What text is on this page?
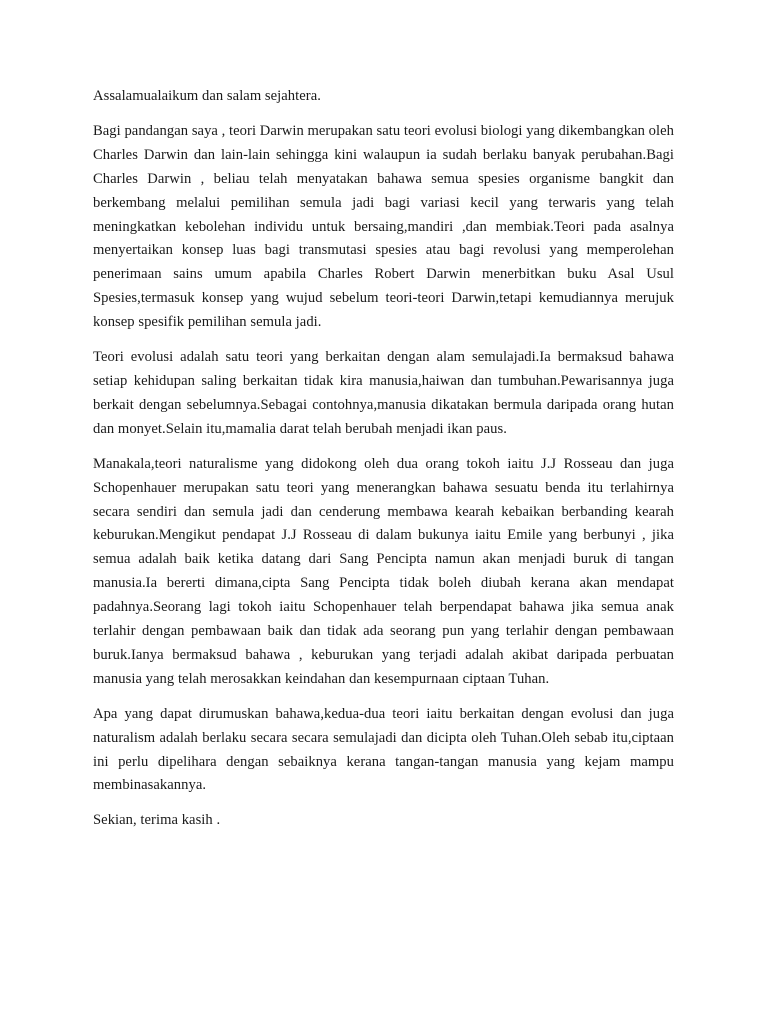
Assalamualaikum dan salam sejahtera.

Bagi pandangan saya , teori Darwin merupakan satu teori evolusi biologi yang dikembangkan oleh Charles Darwin dan lain-lain sehingga kini walaupun ia sudah berlaku banyak perubahan.Bagi Charles Darwin , beliau telah menyatakan bahawa semua spesies organisme bangkit dan berkembang melalui pemilihan semula jadi bagi variasi kecil yang terwaris yang telah meningkatkan kebolehan individu untuk bersaing,mandiri ,dan membiak.Teori pada asalnya menyertaikan konsep luas bagi transmutasi spesies atau bagi revolusi yang memperolehan penerimaan sains umum apabila Charles Robert Darwin menerbitkan buku Asal Usul Spesies,termasuk konsep yang wujud sebelum teori-teori Darwin,tetapi kemudiannya merujuk konsep spesifik pemilihan semula jadi.

Teori evolusi adalah satu teori yang berkaitan dengan alam semulajadi.Ia bermaksud bahawa setiap kehidupan saling berkaitan tidak kira manusia,haiwan dan tumbuhan.Pewarisannya juga berkait dengan sebelumnya.Sebagai contohnya,manusia dikatakan bermula daripada orang hutan dan monyet.Selain itu,mamalia darat telah berubah menjadi ikan paus.

Manakala,teori naturalisme yang didokong oleh dua orang tokoh iaitu J.J Rosseau dan juga Schopenhauer merupakan satu teori yang menerangkan bahawa sesuatu benda itu terlahirnya secara sendiri dan semula jadi dan cenderung membawa kearah kebaikan berbanding kearah keburukan.Mengikut pendapat J.J Rosseau di dalam bukunya iaitu Emile yang berbunyi , jika semua adalah baik ketika datang dari Sang Pencipta namun akan menjadi buruk di tangan manusia.Ia bererti dimana,cipta Sang Pencipta tidak boleh diubah kerana akan mendapat padahnya.Seorang lagi tokoh iaitu Schopenhauer telah berpendapat bahawa jika semua anak terlahir dengan pembawaan baik dan tidak ada seorang pun yang terlahir dengan pembawaan buruk.Ianya bermaksud bahawa , keburukan yang terjadi adalah akibat daripada perbuatan manusia yang telah merosakkan keindahan dan kesempurnaan ciptaan Tuhan.

Apa yang dapat dirumuskan bahawa,kedua-dua teori iaitu berkaitan dengan evolusi dan juga naturalism adalah berlaku secara secara semulajadi dan dicipta oleh Tuhan.Oleh sebab itu,ciptaan ini perlu dipelihara dengan sebaiknya kerana tangan-tangan manusia yang kejam mampu membinasakannya.

Sekian, terima kasih .
